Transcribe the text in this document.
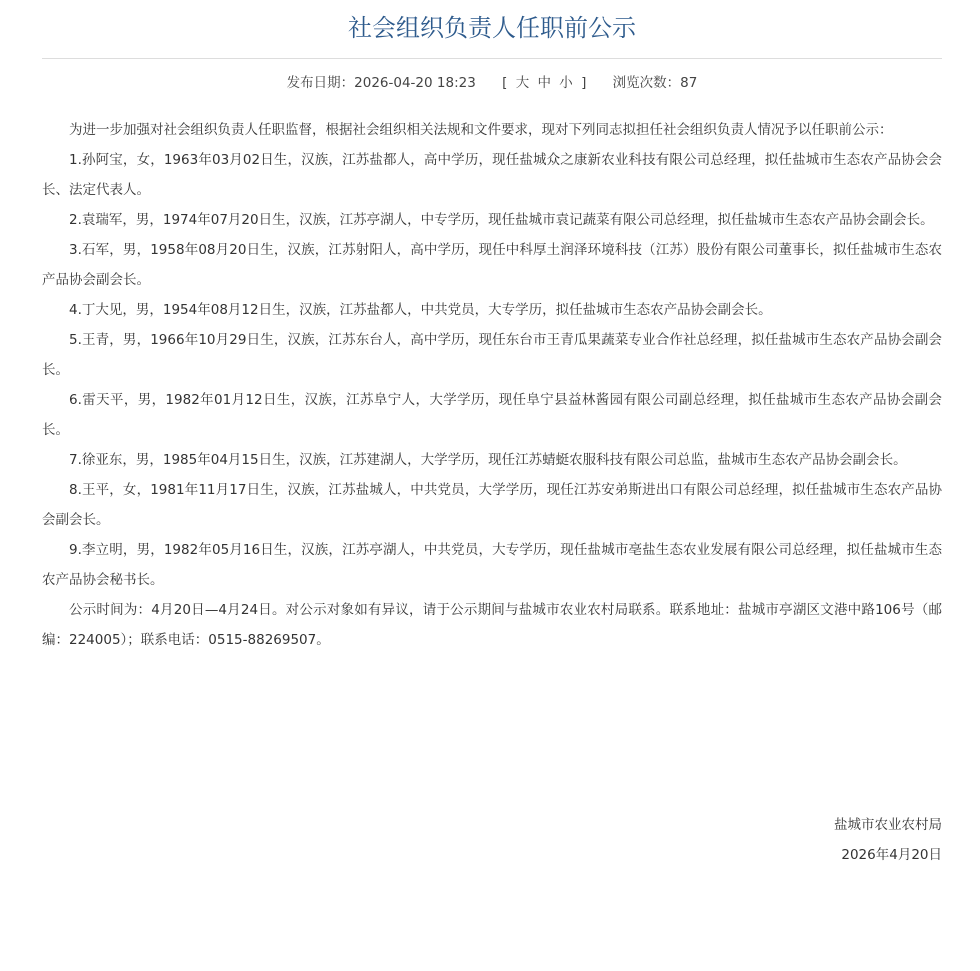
社会组织负责人任职前公示
发布日期：2026-04-20 18:23 [ 大 中 小 ] 浏览次数：87

为进一步加强对社会组织负责人任职监督，根据社会组织相关法规和文件要求，现对下列同志拟担任社会组织负责人情况予以任职前公示：

1.孙阿宝，女，1963年03月02日生，汉族，江苏盐都人，高中学历，现任盐城众之康新农业科技有限公司总经理，拟任盐城市生态农产品协会会长、法定代表人。

2.袁瑞军，男，1974年07月20日生，汉族，江苏亭湖人，中专学历，现任盐城市袁记蔬菜有限公司总经理，拟任盐城市生态农产品协会副会长。

3.石军，男，1958年08月20日生，汉族，江苏射阳人，高中学历，现任中科厚土润泽环境科技（江苏）股份有限公司董事长，拟任盐城市生态农产品协会副会长。

4.丁大见，男，1954年08月12日生，汉族，江苏盐都人，中共党员，大专学历，拟任盐城市生态农产品协会副会长。

5.王青，男，1966年10月29日生，汉族，江苏东台人，高中学历，现任东台市王青瓜果蔬菜专业合作社总经理，拟任盐城市生态农产品协会副会长。

6.雷天平，男，1982年01月12日生，汉族，江苏阜宁人，大学学历，现任阜宁县益林酱园有限公司副总经理，拟任盐城市生态农产品协会副会长。

7.徐亚东，男，1985年04月15日生，汉族，江苏建湖人，大学学历，现任江苏蜻蜓农服科技有限公司总监，盐城市生态农产品协会副会长。

8.王平，女，1981年11月17日生，汉族，江苏盐城人，中共党员，大学学历，现任江苏安弟斯进出口有限公司总经理，拟任盐城市生态农产品协会副会长。

9.李立明，男，1982年05月16日生，汉族，江苏亭湖人，中共党员，大专学历，现任盐城市亳盐生态农业发展有限公司总经理，拟任盐城市生态农产品协会秘书长。

公示时间为：4月20日—4月24日。对公示对象如有异议，请于公示期间与盐城市农业农村局联系。联系地址：盐城市亭湖区文港中路106号（邮编：224005）；联系电话：0515-88269507。

盐城市农业农村局
2026年4月20日
